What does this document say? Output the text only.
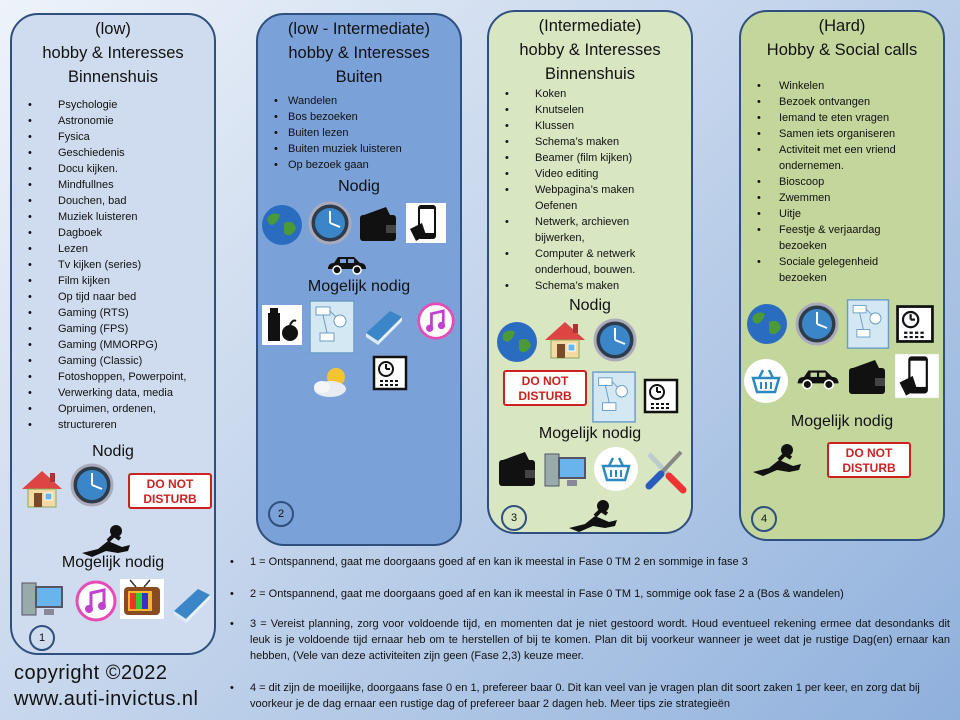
(low)
hobby & Interesses
Binnenshuis
• Psychologie
• Astronomie
• Fysica
• Geschiedenis
• Docu kijken.
• Mindfullnes
• Douchen, bad
• Muziek luisteren
• Dagboek
• Lezen
• Tv kijken (series)
• Film kijken
• Op tijd naar bed
• Gaming (RTS)
• Gaming (FPS)
• Gaming (MMORPG)
• Gaming (Classic)
• Fotoshoppen, Powerpoint,
• Verwerking data, media
• Opruimen, ordenen,
• structureren
Nodig
DO NOT
DISTURB
Mogelijk nodig
1
(low - Intermediate)
hobby & Interesses
Buiten
• Wandelen
• Bos bezoeken
• Buiten lezen
• Buiten muziek luisteren
• Op bezoek gaan
Nodig
Mogelijk nodig
2
(Intermediate)
hobby & Interesses
Binnenshuis
• Koken
• Knutselen
• Klussen
• Schema’s maken
• Beamer (film kijken)
• Video editing
• Webpagina’s maken
Oefenen
• Netwerk, archieven
bijwerken,
• Computer & netwerk
onderhoud, bouwen.
• Schema’s maken
Nodig
DO NOT
DISTURB
Mogelijk nodig
3
(Hard)
Hobby & Social calls
• Winkelen
• Bezoek ontvangen
• Iemand te eten vragen
• Samen iets organiseren
• Activiteit met een vriend
ondernemen.
• Bioscoop
• Zwemmen
• Uitje
• Feestje & verjaardag
bezoeken
• Sociale gelegenheid
bezoeken
Mogelijk nodig
DO NOT
DISTURB
4
• 1 = Ontspannend, gaat me doorgaans goed af en kan ik meestal in Fase 0 TM 2 en sommige in fase 3
• 2 = Ontspannend, gaat me doorgaans goed af en kan ik meestal in Fase 0 TM 1, sommige ook fase 2 a (Bos & wandelen)
• 3 = Vereist planning, zorg voor voldoende tijd, en momenten dat je niet gestoord wordt. Houd eventueel rekening ermee dat desondanks dit leuk is je voldoende tijd ernaar heb om te herstellen of bij te komen. Plan dit bij voorkeur wanneer je weet dat je rustige Dag(en) ernaar kan hebben, (Vele van deze activiteiten zijn geen (Fase 2,3) keuze meer.
• 4 = dit zijn de moeilijke, doorgaans fase 0 en 1, prefereer baar 0. Dit kan veel van je vragen plan dit soort zaken 1 per keer, en zorg dat bij voorkeur je de dag ernaar een rustige dag of prefereer baar 2 dagen heb. Meer tips zie strategieën
copyright ©2022
www.auti-invictus.nl
